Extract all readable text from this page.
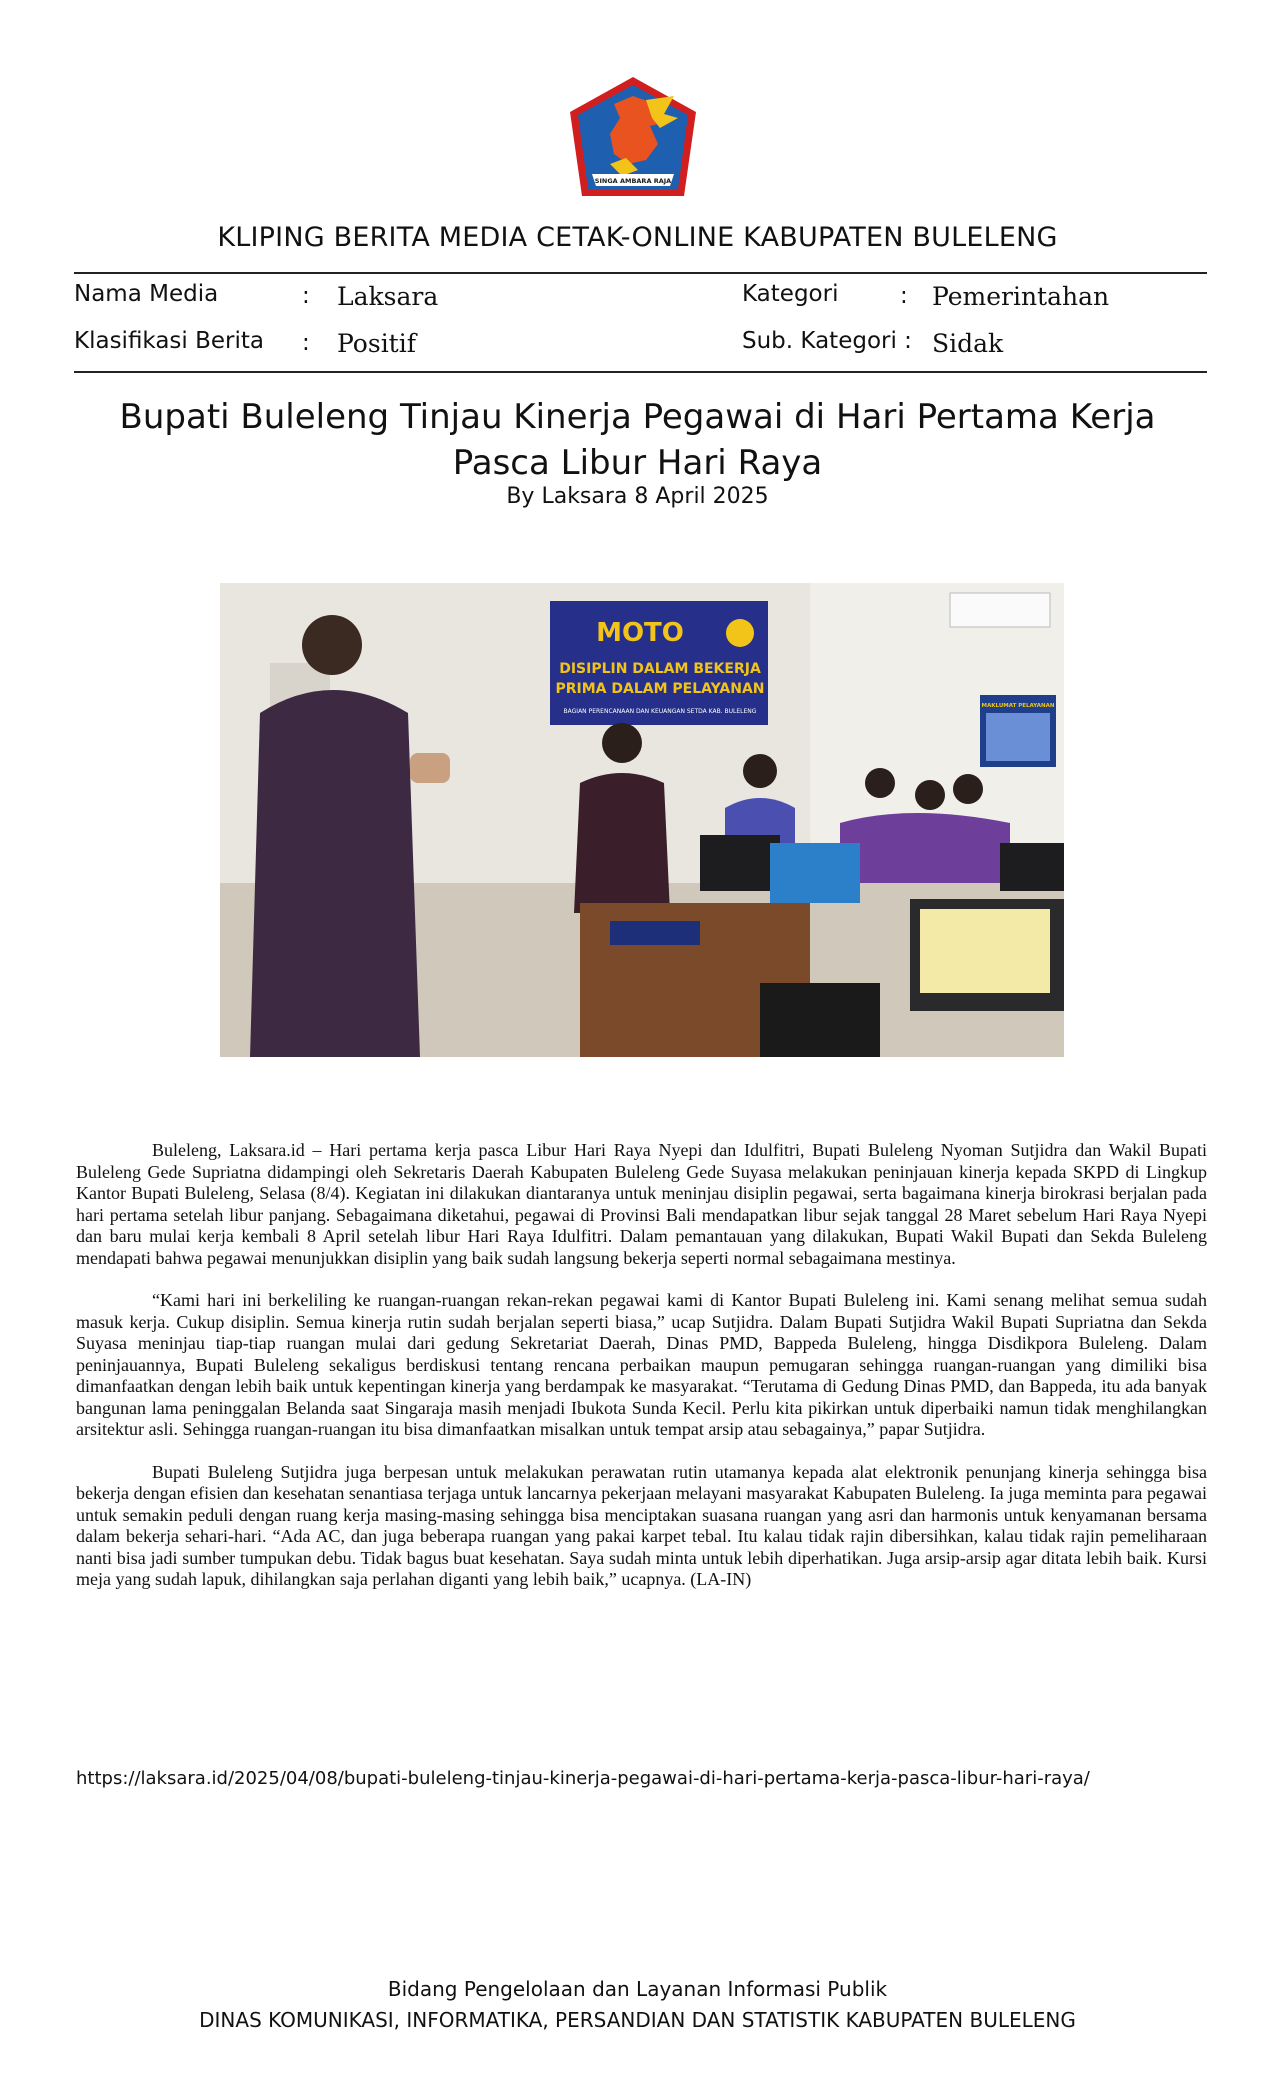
SINGA AMBARA RAJA
KLIPING BERITA MEDIA CETAK-ONLINE KABUPATEN BULELENG
Nama Media	: Laksara	Kategori	: Pemerintahan
Klasifikasi Berita : Positif	Sub. Kategori : Sidak
Bupati Buleleng Tinjau Kinerja Pegawai di Hari Pertama Kerja Pasca Libur Hari Raya
By Laksara 8 April 2025
MOTO
DISIPLIN DALAM BEKERJA
PRIMA DALAM PELAYANAN
BAGIAN PERENCANAAN DAN KEUANGAN SETDA KAB. BULELENG
MAKLUMAT PELAYANAN

Buleleng, Laksara.id – Hari pertama kerja pasca Libur Hari Raya Nyepi dan Idulfitri, Bupati Buleleng Nyoman Sutjidra dan Wakil Bupati Buleleng Gede Supriatna didampingi oleh Sekretaris Daerah Kabupaten Buleleng Gede Suyasa melakukan peninjauan kinerja kepada SKPD di Lingkup Kantor Bupati Buleleng, Selasa (8/4). Kegiatan ini dilakukan diantaranya untuk meninjau disiplin pegawai, serta bagaimana kinerja birokrasi berjalan pada hari pertama setelah libur panjang. Sebagaimana diketahui, pegawai di Provinsi Bali mendapatkan libur sejak tanggal 28 Maret sebelum Hari Raya Nyepi dan baru mulai kerja kembali 8 April setelah libur Hari Raya Idulfitri. Dalam pemantauan yang dilakukan, Bupati Wakil Bupati dan Sekda Buleleng mendapati bahwa pegawai menunjukkan disiplin yang baik sudah langsung bekerja seperti normal sebagaimana mestinya.

“Kami hari ini berkeliling ke ruangan-ruangan rekan-rekan pegawai kami di Kantor Bupati Buleleng ini. Kami senang melihat semua sudah masuk kerja. Cukup disiplin. Semua kinerja rutin sudah berjalan seperti biasa,” ucap Sutjidra. Dalam Bupati Sutjidra Wakil Bupati Supriatna dan Sekda Suyasa meninjau tiap-tiap ruangan mulai dari gedung Sekretariat Daerah, Dinas PMD, Bappeda Buleleng, hingga Disdikpora Buleleng. Dalam peninjauannya, Bupati Buleleng sekaligus berdiskusi tentang rencana perbaikan maupun pemugaran sehingga ruangan-ruangan yang dimiliki bisa dimanfaatkan dengan lebih baik untuk kepentingan kinerja yang berdampak ke masyarakat. “Terutama di Gedung Dinas PMD, dan Bappeda, itu ada banyak bangunan lama peninggalan Belanda saat Singaraja masih menjadi Ibukota Sunda Kecil. Perlu kita pikirkan untuk diperbaiki namun tidak menghilangkan arsitektur asli. Sehingga ruangan-ruangan itu bisa dimanfaatkan misalkan untuk tempat arsip atau sebagainya,” papar Sutjidra.

Bupati Buleleng Sutjidra juga berpesan untuk melakukan perawatan rutin utamanya kepada alat elektronik penunjang kinerja sehingga bisa bekerja dengan efisien dan kesehatan senantiasa terjaga untuk lancarnya pekerjaan melayani masyarakat Kabupaten Buleleng. Ia juga meminta para pegawai untuk semakin peduli dengan ruang kerja masing-masing sehingga bisa menciptakan suasana ruangan yang asri dan harmonis untuk kenyamanan bersama dalam bekerja sehari-hari. “Ada AC, dan juga beberapa ruangan yang pakai karpet tebal. Itu kalau tidak rajin dibersihkan, kalau tidak rajin pemeliharaan nanti bisa jadi sumber tumpukan debu. Tidak bagus buat kesehatan. Saya sudah minta untuk lebih diperhatikan. Juga arsip-arsip agar ditata lebih baik. Kursi meja yang sudah lapuk, dihilangkan saja perlahan diganti yang lebih baik,” ucapnya. (LA-IN)

https://laksara.id/2025/04/08/bupati-buleleng-tinjau-kinerja-pegawai-di-hari-pertama-kerja-pasca-libur-hari-raya/
Bidang Pengelolaan dan Layanan Informasi Publik
DINAS KOMUNIKASI, INFORMATIKA, PERSANDIAN DAN STATISTIK KABUPATEN BULELENG
